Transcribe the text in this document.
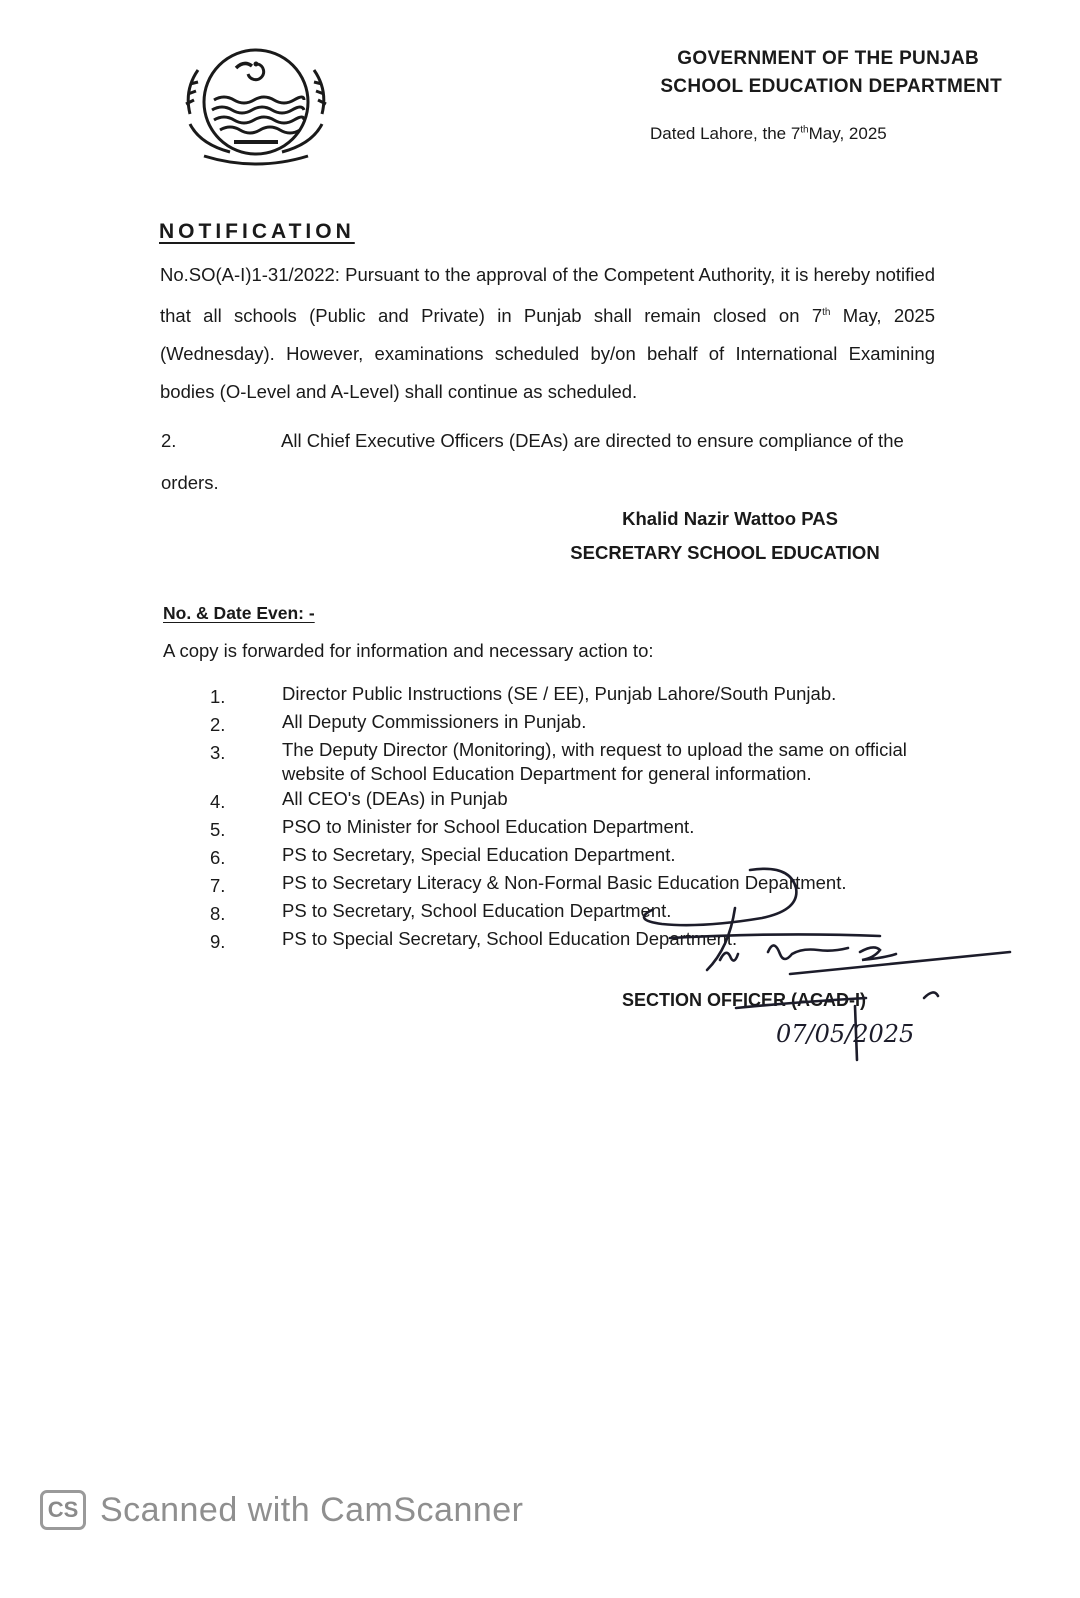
GOVERNMENT OF THE PUNJAB
SCHOOL EDUCATION DEPARTMENT
Dated Lahore, the 7thMay, 2025
NOTIFICATION
No.SO(A-I)1-31/2022: Pursuant to the approval of the Competent Authority, it is hereby notified that all schools (Public and Private) in Punjab shall remain closed on 7th May, 2025 (Wednesday). However, examinations scheduled by/on behalf of International Examining bodies (O-Level and A-Level) shall continue as scheduled.
2.	All Chief Executive Officers (DEAs) are directed to ensure compliance of the orders.
Khalid Nazir Wattoo PAS
SECRETARY SCHOOL EDUCATION
No. & Date Even: -
A copy is forwarded for information and necessary action to:
1.	Director Public Instructions (SE / EE), Punjab Lahore/South Punjab.
2.	All Deputy Commissioners in Punjab.
3.	The Deputy Director (Monitoring), with request to upload the same on official website of School Education Department for general information.
4.	All CEO's (DEAs) in Punjab
5.	PSO to Minister for School Education Department.
6.	PS to Secretary, Special Education Department.
7.	PS to Secretary Literacy & Non-Formal Basic Education Department.
8.	PS to Secretary, School Education Department.
9.	PS to Special Secretary, School Education Department.
SECTION OFFICER (ACAD-I)
07/05/2025
CS Scanned with CamScanner
